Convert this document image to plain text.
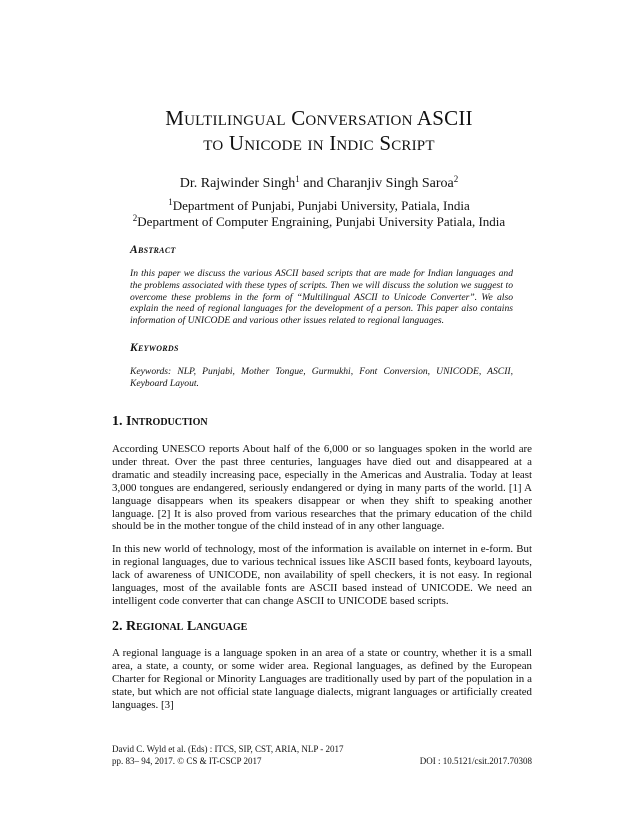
Multilingual Conversation ASCII
to Unicode in Indic Script
Dr. Rajwinder Singh$^1$ and Charanjiv Singh Saroa$^2$
$^1$Department of Punjabi, Punjabi University, Patiala, India
$^2$Department of Computer Engraining, Punjabi University Patiala, India
Abstract
In this paper we discuss the various ASCII based scripts that are made for Indian languages and the problems associated with these types of scripts. Then we will discuss the solution we suggest to overcome these problems in the form of “Multilingual ASCII to Unicode Converter”. We also explain the need of regional languages for the development of a person. This paper also contains information of UNICODE and various other issues related to regional languages.
Keywords
Keywords: NLP, Punjabi, Mother Tongue, Gurmukhi, Font Conversion, UNICODE, ASCII, Keyboard Layout.
1. Introduction
According UNESCO reports About half of the 6,000 or so languages spoken in the world are under threat. Over the past three centuries, languages have died out and disappeared at a dramatic and steadily increasing pace, especially in the Americas and Australia. Today at least 3,000 tongues are endangered, seriously endangered or dying in many parts of the world. [1] A language disappears when its speakers disappear or when they shift to speaking another language. [2] It is also proved from various researches that the primary education of the child should be in the mother tongue of the child instead of in any other language.
In this new world of technology, most of the information is available on internet in e-form. But in regional languages, due to various technical issues like ASCII based fonts, keyboard layouts, lack of awareness of UNICODE, non availability of spell checkers, it is not easy. In regional languages, most of the available fonts are ASCII based instead of UNICODE. We need an intelligent code converter that can change ASCII to UNICODE based scripts.
2. Regional Language
A regional language is a language spoken in an area of a state or country, whether it is a small area, a state, a county, or some wider area. Regional languages, as defined by the European Charter for Regional or Minority Languages are traditionally used by part of the population in a state, but which are not official state language dialects, migrant languages or artificially created languages. [3]
David C. Wyld et al. (Eds) : ITCS, SIP, CST, ARIA, NLP - 2017
pp. 83– 94, 2017. © CS & IT-CSCP 2017	DOI : 10.5121/csit.2017.70308
